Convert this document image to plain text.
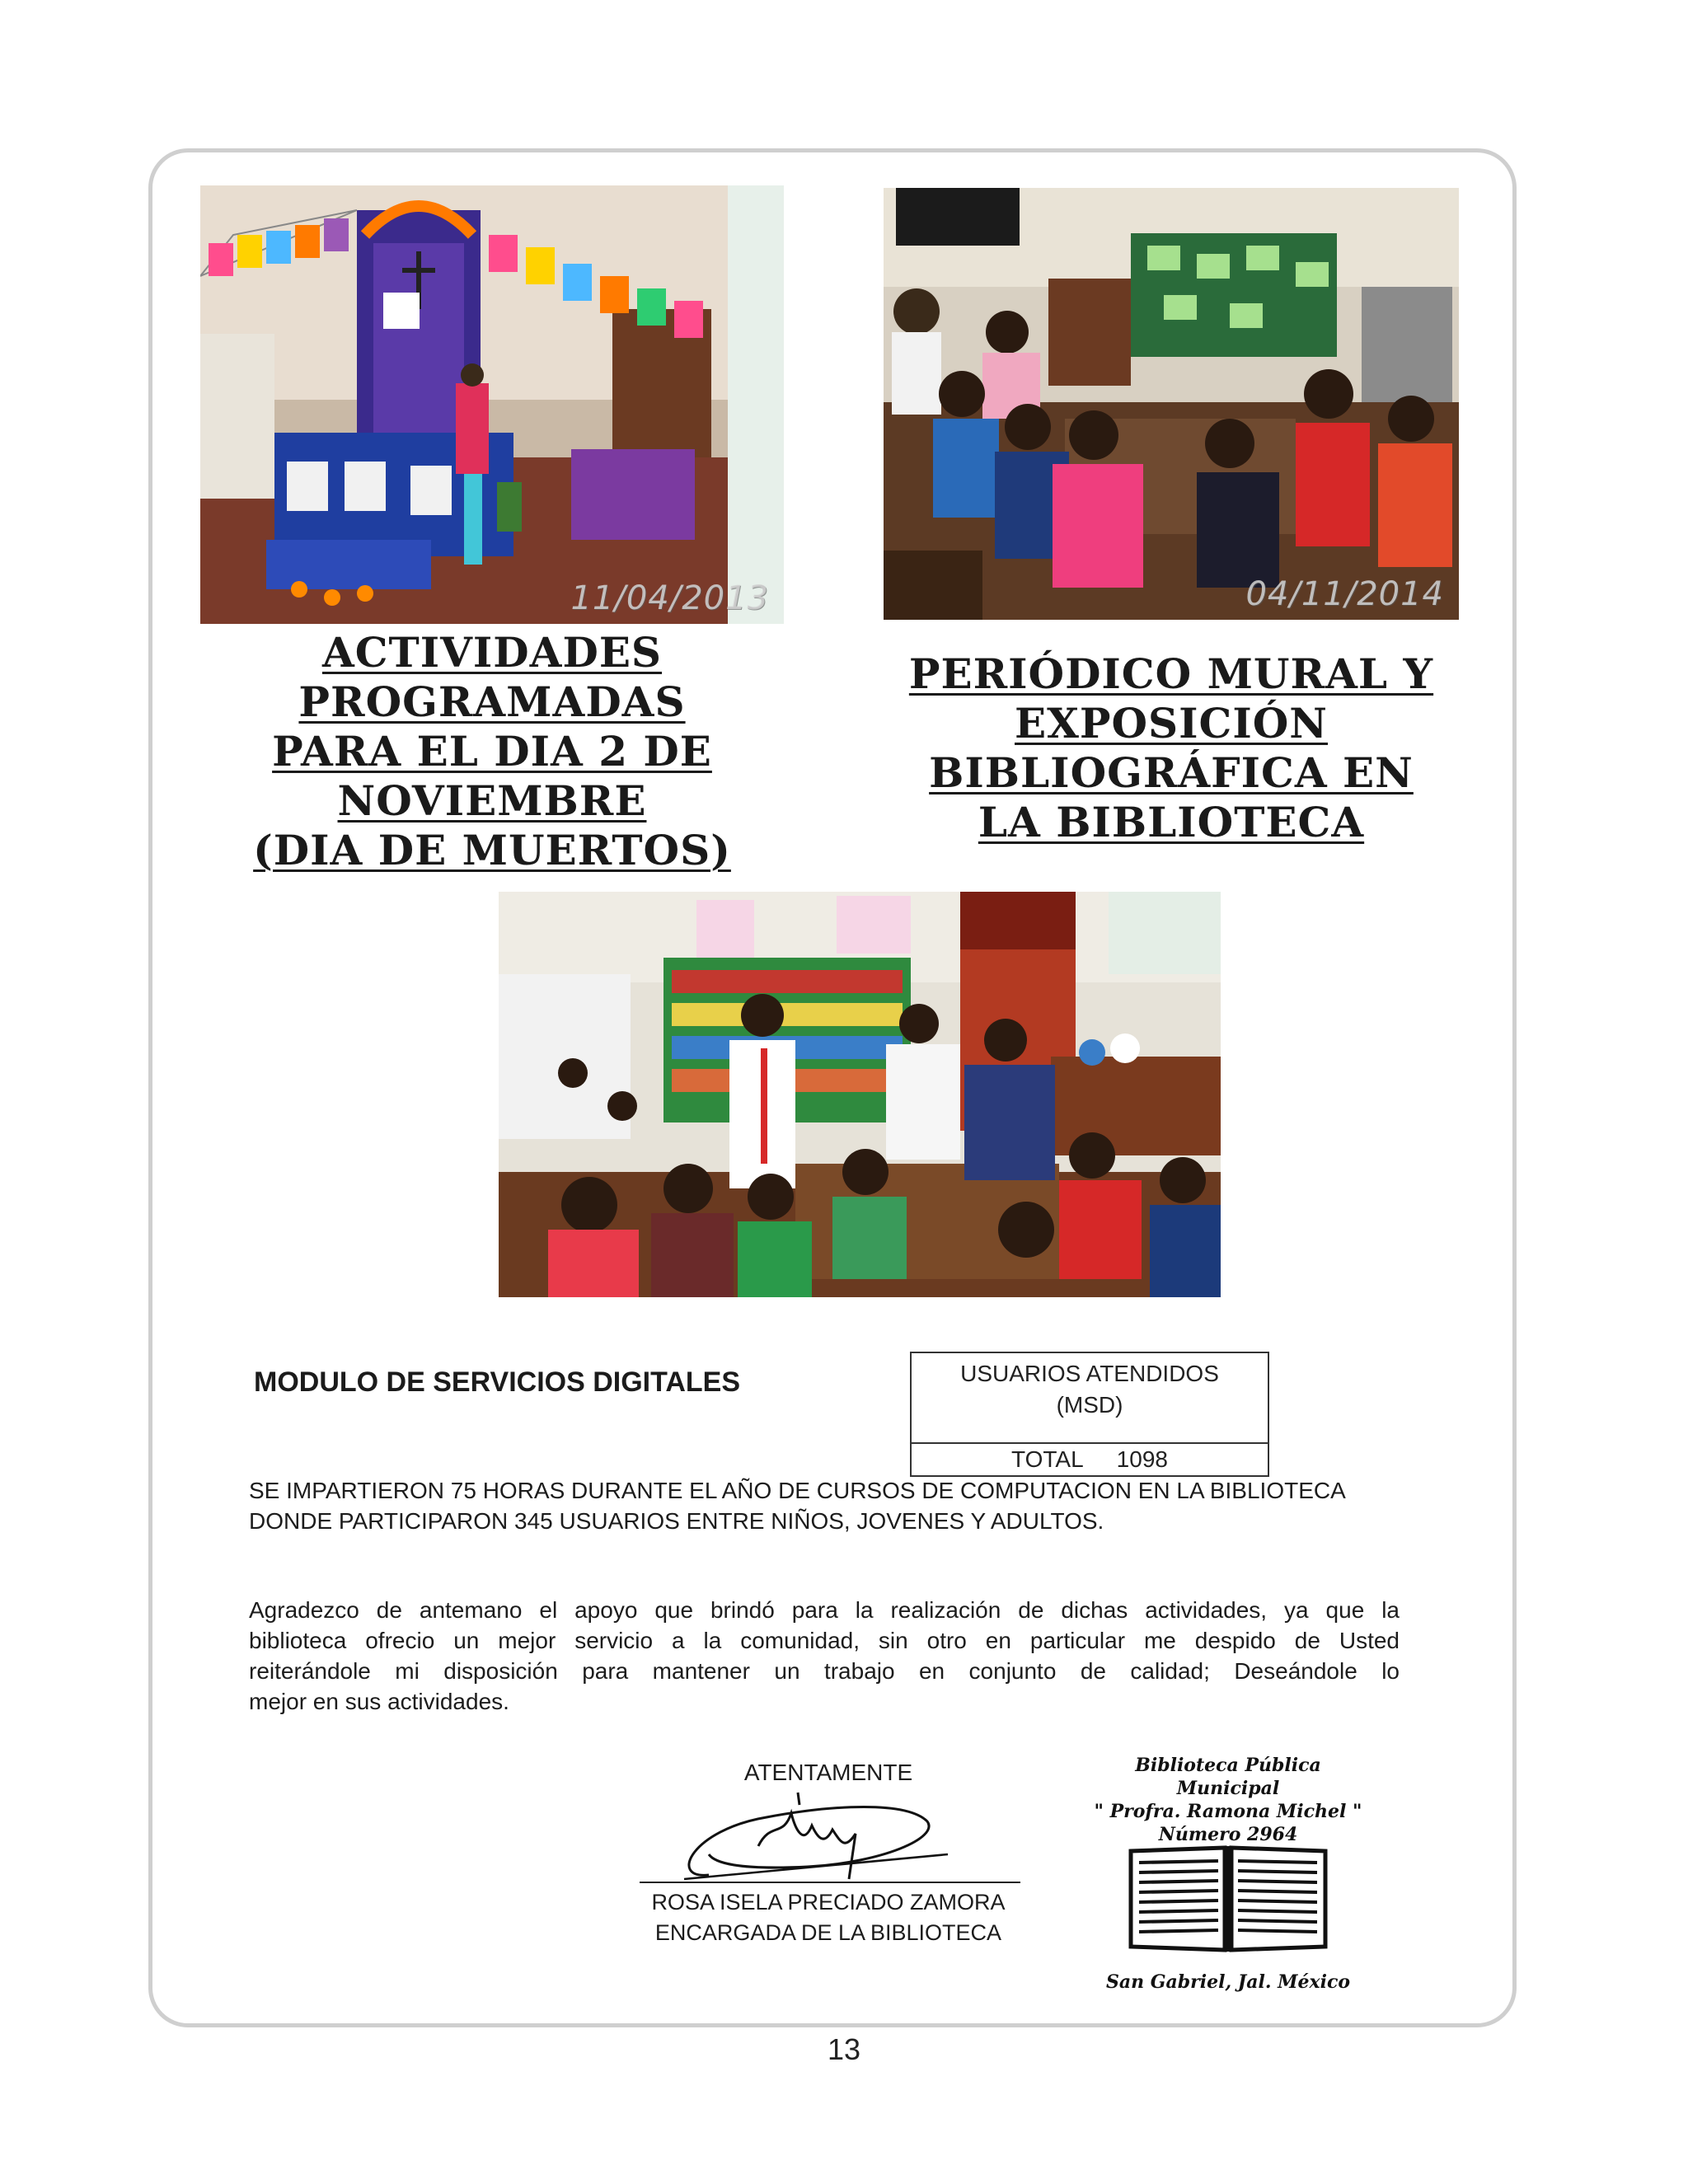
11/04/2013	04/11/2014
ACTIVIDADES
PROGRAMADAS
PARA EL DIA 2 DE
NOVIEMBRE
(DIA DE MUERTOS)
PERIÓDICO MURAL Y
EXPOSICIÓN
BIBLIOGRÁFICA EN
LA BIBLIOTECA
MODULO DE SERVICIOS DIGITALES	USUARIOS ATENDIDOS
(MSD)
TOTAL 1098
SE IMPARTIERON 75 HORAS DURANTE EL AÑO DE CURSOS DE COMPUTACION EN LA BIBLIOTECA
DONDE PARTICIPARON 345 USUARIOS ENTRE NIÑOS, JOVENES Y ADULTOS.
Agradezco de antemano el apoyo que brindó para la realización de dichas actividades, ya que la
biblioteca ofrecio un mejor servicio a la comunidad, sin otro en particular me despido de Usted
reiterándole mi disposición para mantener un trabajo en conjunto de calidad; Deseándole lo
mejor en sus actividades.
ATENTAMENTE
ROSA ISELA PRECIADO ZAMORA
ENCARGADA DE LA BIBLIOTECA
Biblioteca Pública Municipal
" Profra. Ramona Michel "
Número 2964
San Gabriel, Jal. México
13
